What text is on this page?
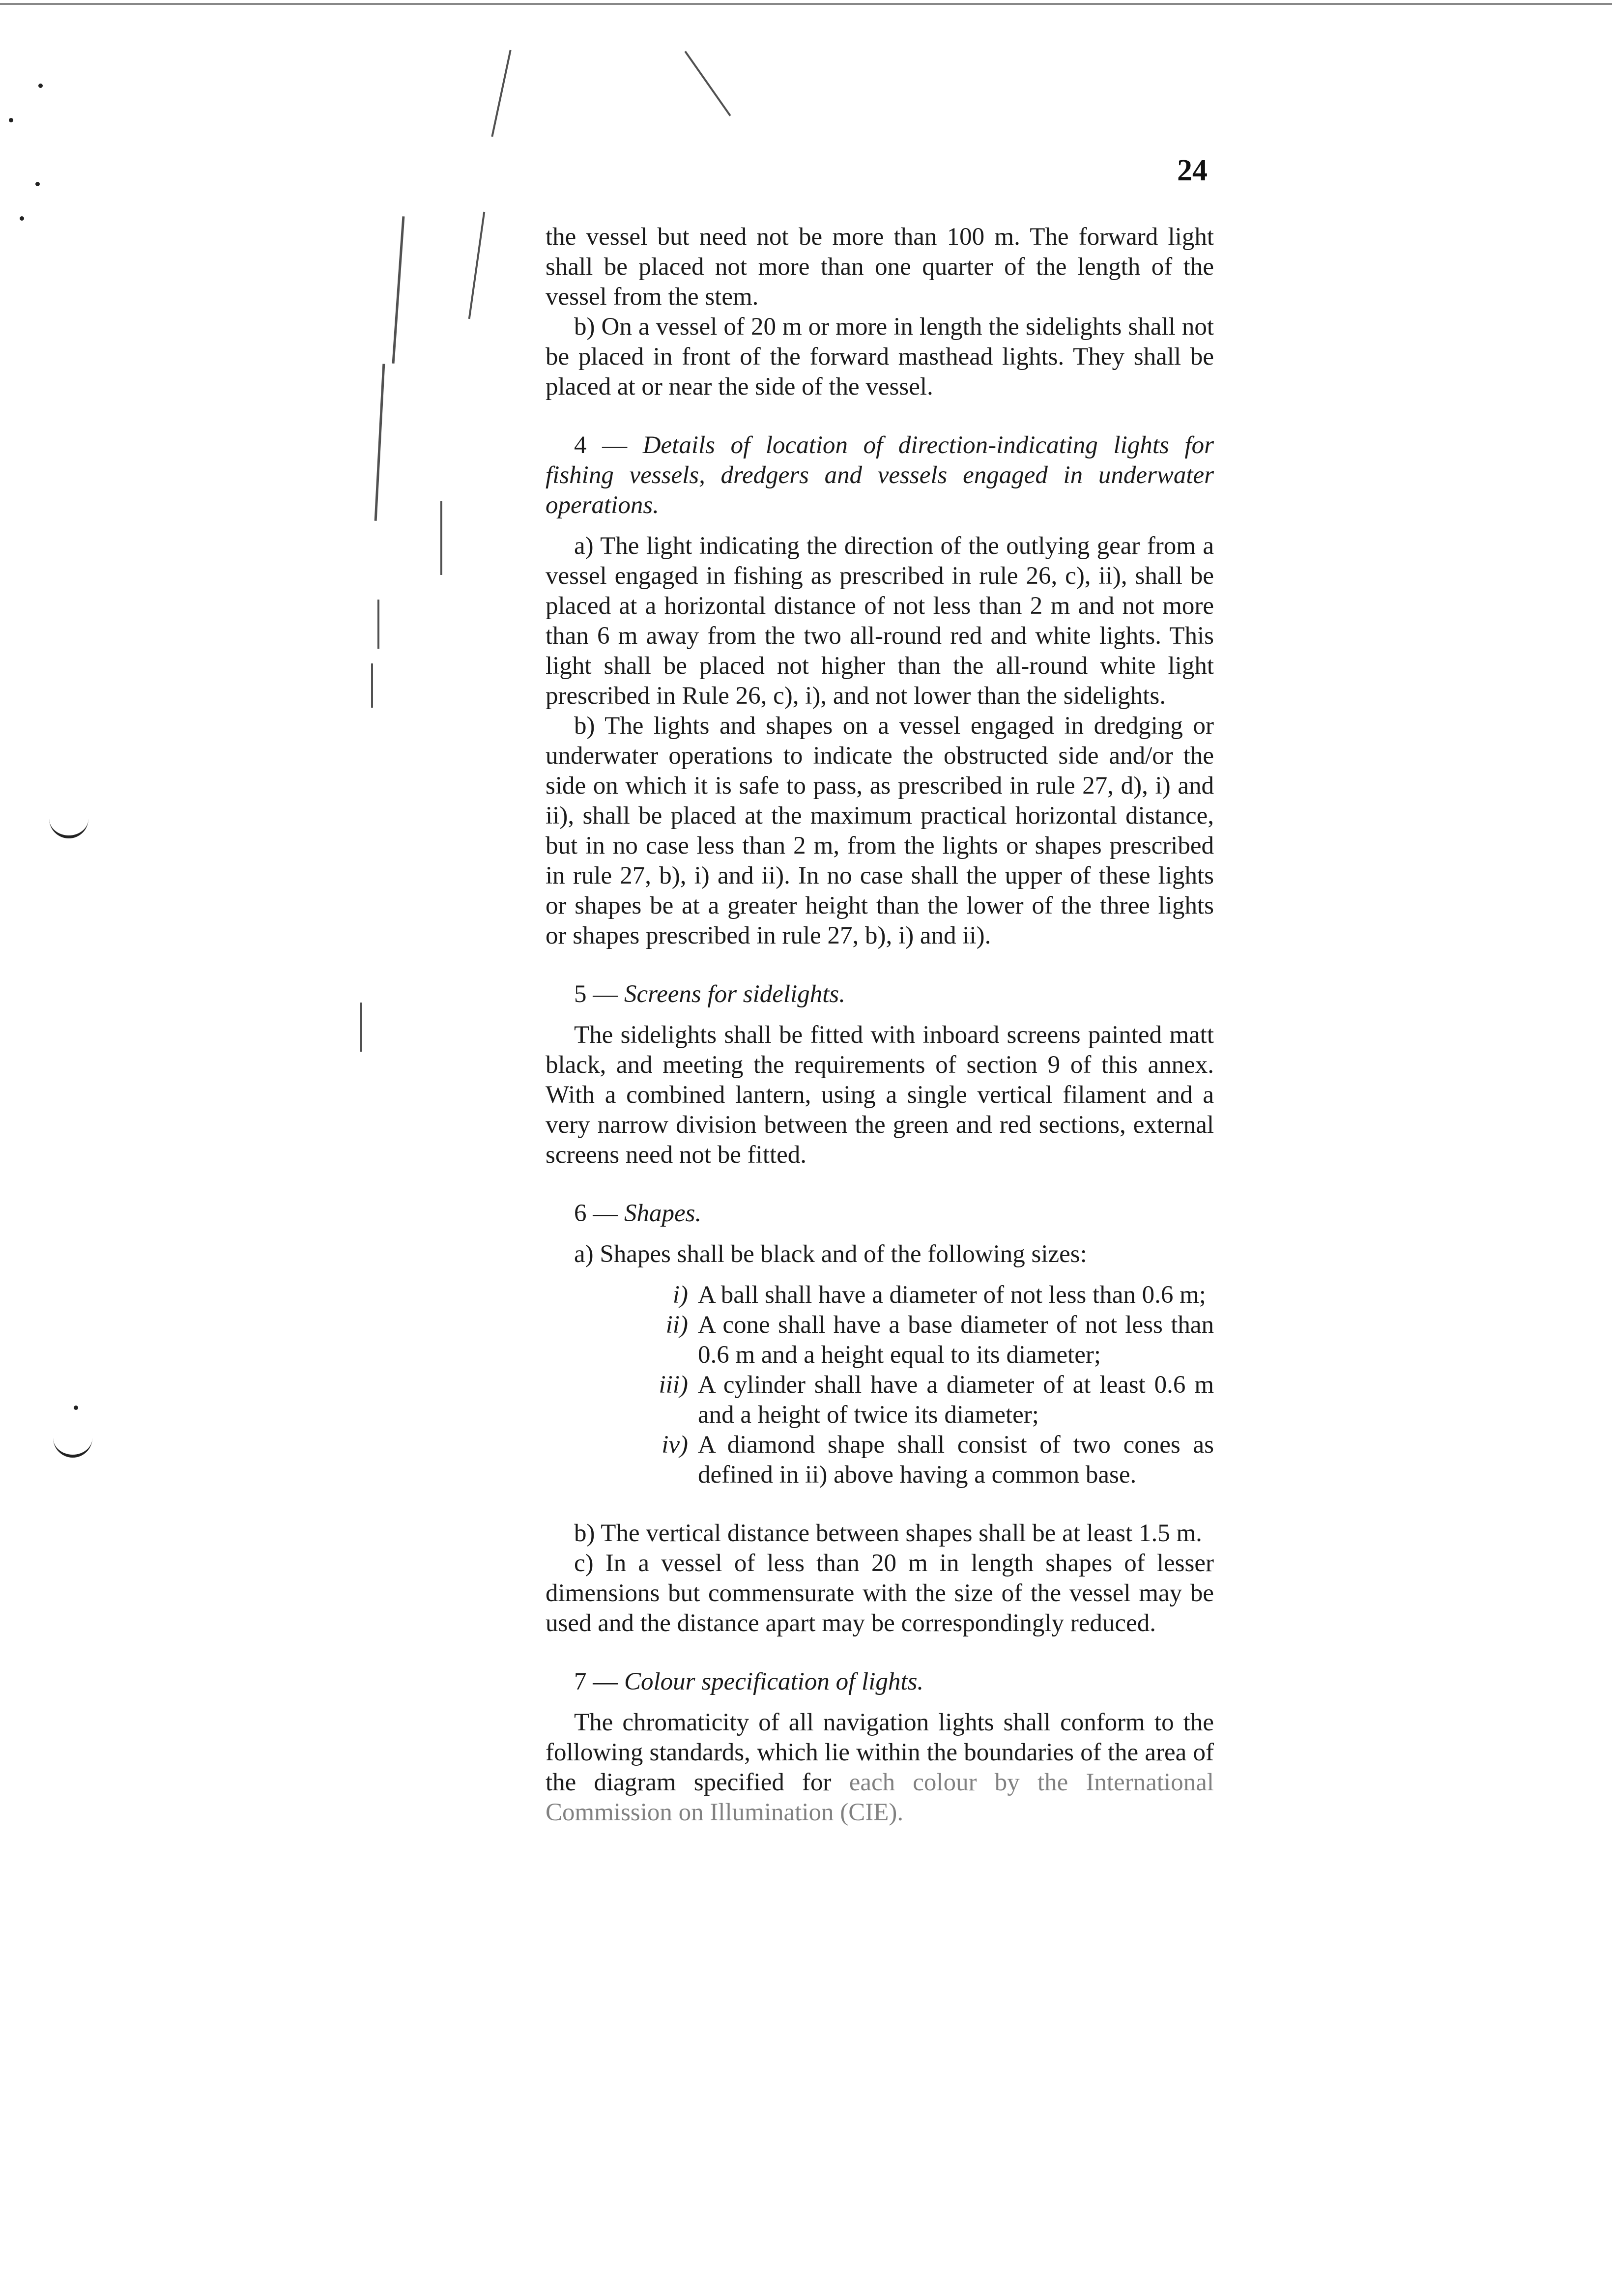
24

the vessel but need not be more than 100 m. The forward light shall be placed not more than one quarter of the length of the vessel from the stem.

b) On a vessel of 20 m or more in length the sidelights shall not be placed in front of the forward masthead lights. They shall be placed at or near the side of the vessel.

4 — Details of location of direction-indicating lights for fishing vessels, dredgers and vessels engaged in underwater operations.

a) The light indicating the direction of the outlying gear from a vessel engaged in fishing as prescribed in rule 26, c), ii), shall be placed at a horizontal distance of not less than 2 m and not more than 6 m away from the two all-round red and white lights. This light shall be placed not higher than the all-round white light prescribed in Rule 26, c), i), and not lower than the sidelights.

b) The lights and shapes on a vessel engaged in dredging or underwater operations to indicate the obstructed side and/or the side on which it is safe to pass, as prescribed in rule 27, d), i) and ii), shall be placed at the maximum practical horizontal distance, but in no case less than 2 m, from the lights or shapes prescribed in rule 27, b), i) and ii). In no case shall the upper of these lights or shapes be at a greater height than the lower of the three lights or shapes prescribed in rule 27, b), i) and ii).

5 — Screens for sidelights.

The sidelights shall be fitted with inboard screens painted matt black, and meeting the requirements of section 9 of this annex. With a combined lantern, using a single vertical filament and a very narrow division between the green and red sections, external screens need not be fitted.

6 — Shapes.

a) Shapes shall be black and of the following sizes:

i) A ball shall have a diameter of not less than 0.6 m;

ii) A cone shall have a base diameter of not less than 0.6 m and a height equal to its diameter;

iii) A cylinder shall have a diameter of at least 0.6 m and a height of twice its diameter;

iv) A diamond shape shall consist of two cones as defined in ii) above having a common base.

b) The vertical distance between shapes shall be at least 1.5 m.

c) In a vessel of less than 20 m in length shapes of lesser dimensions but commensurate with the size of the vessel may be used and the distance apart may be correspondingly reduced.

7 — Colour specification of lights.

The chromaticity of all navigation lights shall conform to the following standards, which lie within the boundaries of the area of the diagram specified for each colour by the International Commission on Illumination (CIE).
